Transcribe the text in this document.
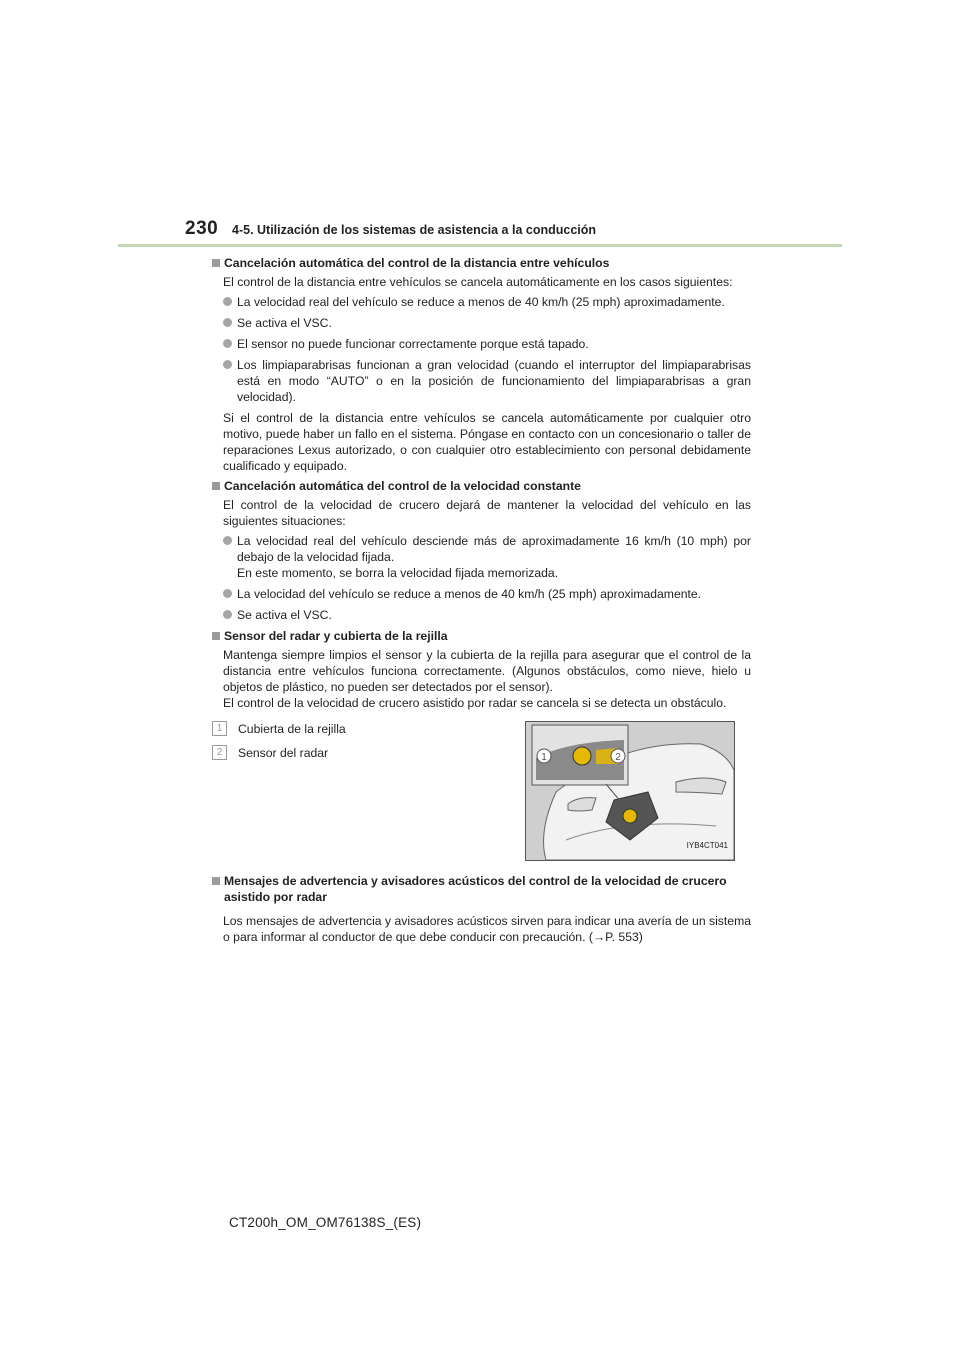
230 4-5. Utilización de los sistemas de asistencia a la conducción
Cancelación automática del control de la distancia entre vehículos
El control de la distancia entre vehículos se cancela automáticamente en los casos siguientes:
La velocidad real del vehículo se reduce a menos de 40 km/h (25 mph) aproximadamente.
Se activa el VSC.
El sensor no puede funcionar correctamente porque está tapado.
Los limpiaparabrisas funcionan a gran velocidad (cuando el interruptor del limpiaparabrisas está en modo “AUTO” o en la posición de funcionamiento del limpiaparabrisas a gran velocidad).
Si el control de la distancia entre vehículos se cancela automáticamente por cualquier otro motivo, puede haber un fallo en el sistema. Póngase en contacto con un concesionario o taller de reparaciones Lexus autorizado, o con cualquier otro establecimiento con personal debidamente cualificado y equipado.
Cancelación automática del control de la velocidad constante
El control de la velocidad de crucero dejará de mantener la velocidad del vehículo en las siguientes situaciones:
La velocidad real del vehículo desciende más de aproximadamente 16 km/h (10 mph) por debajo de la velocidad fijada.
En este momento, se borra la velocidad fijada memorizada.
La velocidad del vehículo se reduce a menos de 40 km/h (25 mph) aproximadamente.
Se activa el VSC.
Sensor del radar y cubierta de la rejilla
Mantenga siempre limpios el sensor y la cubierta de la rejilla para asegurar que el control de la distancia entre vehículos funciona correctamente. (Algunos obstáculos, como nieve, hielo u objetos de plástico, no pueden ser detectados por el sensor).
El control de la velocidad de crucero asistido por radar se cancela si se detecta un obstáculo.
1	Cubierta de la rejilla
2	Sensor del radar	1	2
IYB4CT041
Mensajes de advertencia y avisadores acústicos del control de la velocidad de crucero asistido por radar
Los mensajes de advertencia y avisadores acústicos sirven para indicar una avería de un sistema o para informar al conductor de que debe conducir con precaución. (→P. 553)
CT200h_OM_OM76138S_(ES)
